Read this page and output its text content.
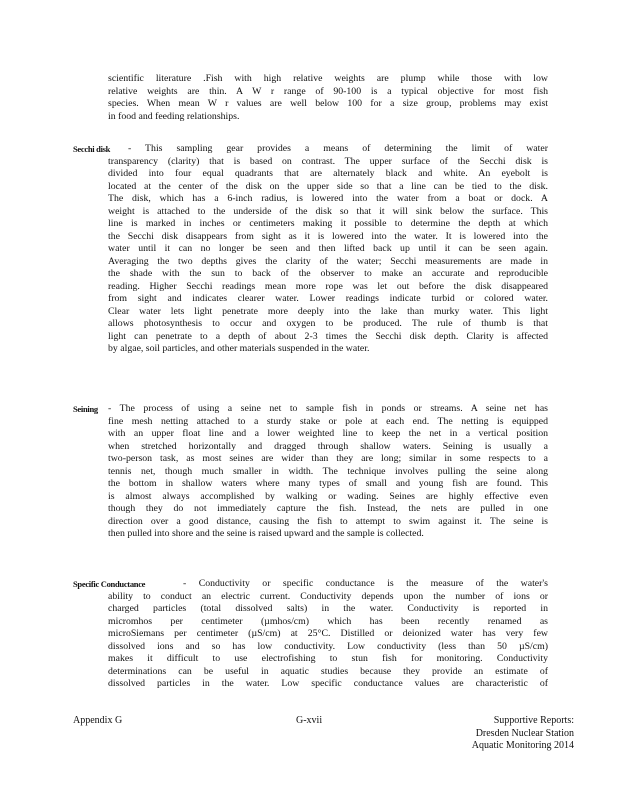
scientific literature .Fish with high relative weights are plump while those with low
relative weights are thin. A W r range of 90-100 is a typical objective for most fish
species. When mean W r values are well below 100 for a size group, problems may exist
in food and feeding relationships.
Secchi disk	- This sampling gear provides a means of determining the limit of water
transparency (clarity) that is based on contrast. The upper surface of the Secchi disk is
divided into four equal quadrants that are alternately black and white. An eyebolt is
located at the center of the disk on the upper side so that a line can be tied to the disk.
The disk, which has a 6-inch radius, is lowered into the water from a boat or dock. A
weight is attached to the underside of the disk so that it will sink below the surface. This
line is marked in inches or centimeters making it possible to determine the depth at which
the Secchi disk disappears from sight as it is lowered into the water. It is lowered into the
water until it can no longer be seen and then lifted back up until it can be seen again.
Averaging the two depths gives the clarity of the water; Secchi measurements are made in
the shade with the sun to back of the observer to make an accurate and reproducible
reading. Higher Secchi readings mean more rope was let out before the disk disappeared
from sight and indicates clearer water. Lower readings indicate turbid or colored water.
Clear water lets light penetrate more deeply into the lake than murky water. This light
allows photosynthesis to occur and oxygen to be produced. The rule of thumb is that
light can penetrate to a depth of about 2-3 times the Secchi disk depth. Clarity is affected
by algae, soil particles, and other materials suspended in the water.
Seining - The process of using a seine net to sample fish in ponds or streams. A seine net has
fine mesh netting attached to a sturdy stake or pole at each end. The netting is equipped
with an upper float line and a lower weighted line to keep the net in a vertical position
when stretched horizontally and dragged through shallow waters. Seining is usually a
two-person task, as most seines are wider than they are long; similar in some respects to a
tennis net, though much smaller in width. The technique involves pulling the seine along
the bottom in shallow waters where many types of small and young fish are found. This
is almost always accomplished by walking or wading. Seines are highly effective even
though they do not immediately capture the fish. Instead, the nets are pulled in one
direction over a good distance, causing the fish to attempt to swim against it. The seine is
then pulled into shore and the seine is raised upward and the sample is collected.
Specific Conductance	- Conductivity or specific conductance is the measure of the water's
ability to conduct an electric current. Conductivity depends upon the number of ions or
charged particles (total dissolved salts) in the water. Conductivity is reported in
micromhos per centimeter (µmhos/cm) which has been recently renamed as
microSiemans per centimeter (µS/cm) at 25°C. Distilled or deionized water has very few
dissolved ions and so has low conductivity. Low conductivity (less than 50 µS/cm)
makes it difficult to use electrofishing to stun fish for monitoring. Conductivity
determinations can be useful in aquatic studies because they provide an estimate of
dissolved particles in the water. Low specific conductance values are characteristic of
Appendix G	G-xvii	Supportive Reports:
Dresden Nuclear Station
Aquatic Monitoring 2014
